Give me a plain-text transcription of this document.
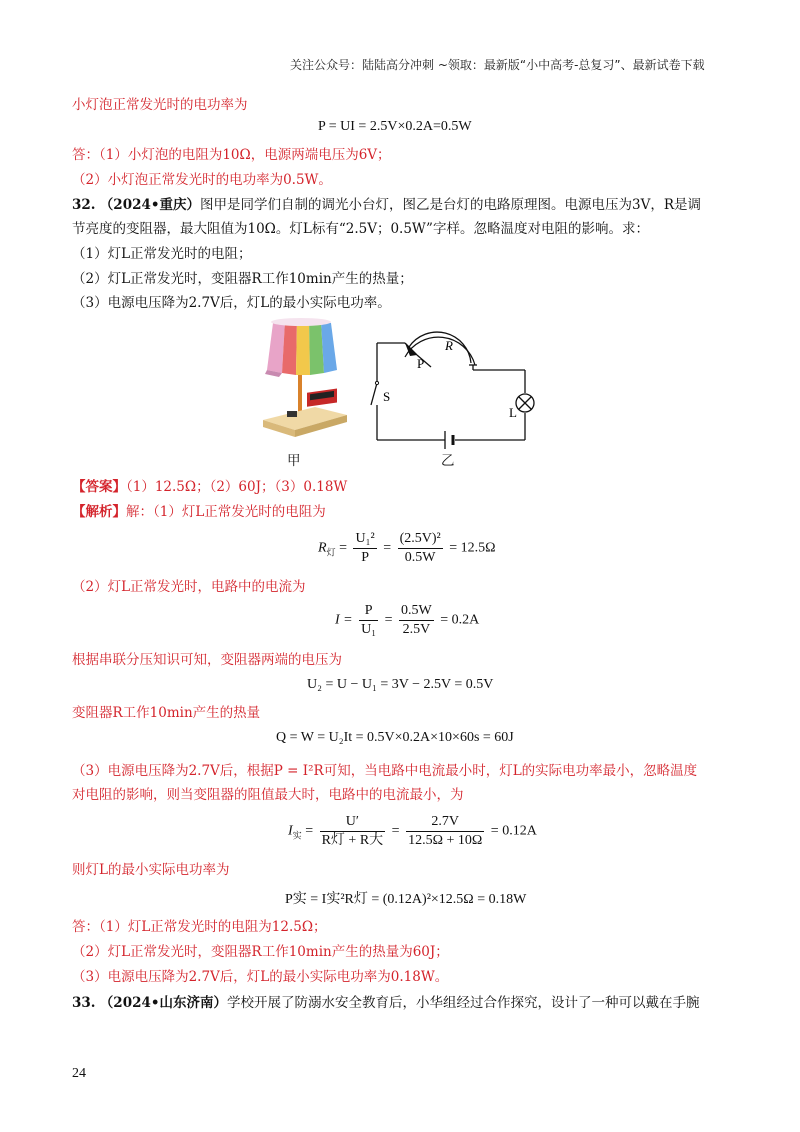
关注公众号：陆陆高分冲刺 ~领取：最新版“小中高考-总复习”、最新试卷下载
小灯泡正常发光时的电功率为
P = UI = 2.5V×0.2A=0.5W
答：（1）小灯泡的电阻为10Ω，电源两端电压为6V；
（2）小灯泡正常发光时的电功率为0.5W。
32. （2024•重庆）图甲是同学们自制的调光小台灯，图乙是台灯的电路原理图。电源电压为3V，R是调
节亮度的变阻器，最大阻值为10Ω。灯L标有“2.5V；0.5W”字样。忽略温度对电阻的影响。求：
（1）灯L正常发光时的电阻；
（2）灯L正常发光时，变阻器R工作10min产生的热量；
（3）电源电压降为2.7V后，灯L的最小实际电功率。
甲
P
R
S
L
乙
【答案】（1）12.5Ω；（2）60J；（3）0.18W
【解析】解：（1）灯L正常发光时的电阻为
$R_灯 = \frac{\text{U₁²}}{P} = \frac{\text{(2.5V)²}}{0.5W} = 12.5\Omega$
（2）灯L正常发光时，电路中的电流为
$I = \frac{P}{\text{U₁}} = \frac{0.5W}{2.5V} = 0.2A$
根据串联分压知识可知，变阻器两端的电压为
U₂ = U − U₁ = 3V − 2.5V = 0.5V
变阻器R工作10min产生的热量
Q = W = U₂It = 0.5V×0.2A×10×60s = 60J
（3）电源电压降为2.7V后，根据P = I²R可知，当电路中电流最小时，灯L的实际电功率最小，忽略温度
对电阻的影响，则当变阻器的阻值最大时，电路中的电流最小，为
$I_实 = \frac{U'}{\text{R灯 + R大}} = \frac{2.7V}{12.5\Omega + 10\Omega} = 0.12A$
则灯L的最小实际电功率为
P实 = I实²R灯 = (0.12A)²×12.5Ω = 0.18W
答：（1）灯L正常发光时的电阻为12.5Ω；
（2）灯L正常发光时，变阻器R工作10min产生的热量为60J；
（3）电源电压降为2.7V后，灯L的最小实际电功率为0.18W。
33. （2024•山东济南）学校开展了防溺水安全教育后，小华组经过合作探究，设计了一种可以戴在手腕
24
